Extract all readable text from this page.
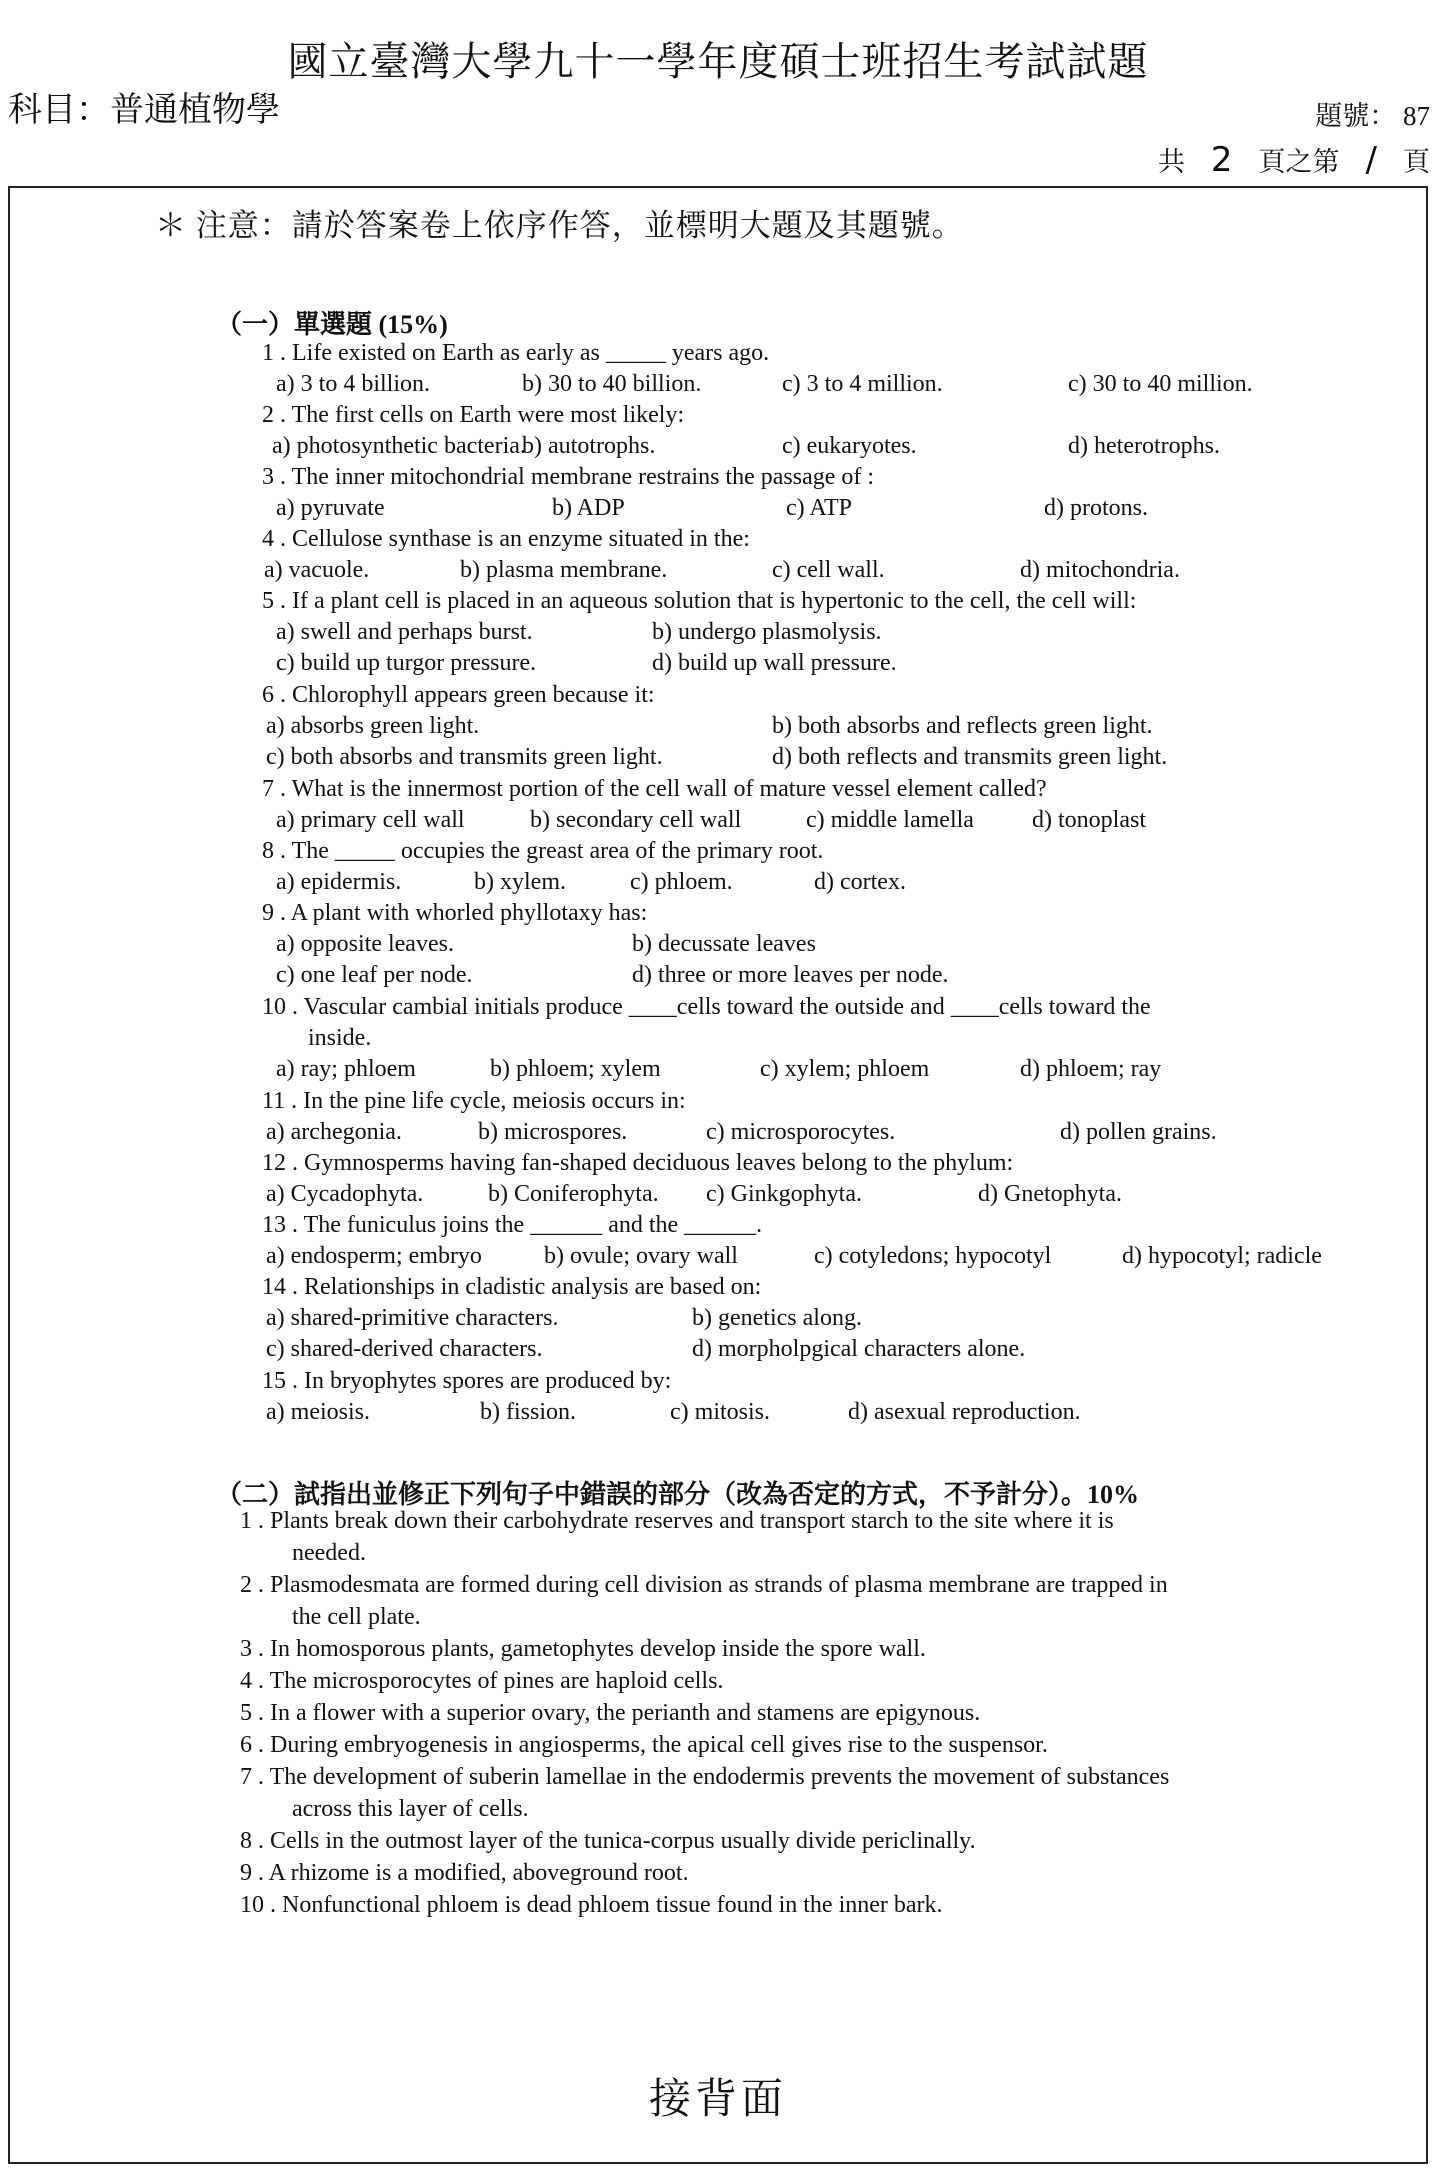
國立臺灣大學九十一學年度碩士班招生考試試題
科目：普通植物學	題號： 87
共 2 頁之第 / 頁
＊ 注意：請於答案卷上依序作答，並標明大題及其題號。
（一）單選題 (15%)
1 . Life existed on Earth as early as _____ years ago.
a) 3 to 4 billion.	b) 30 to 40 billion.	c) 3 to 4 million.	c) 30 to 40 million.
2 . The first cells on Earth were most likely:
a) photosynthetic bacteria.
b) autotrophs.	c) eukaryotes.	d) heterotrophs.
3 . The inner mitochondrial membrane restrains the passage of :
a) pyruvate	b) ADP	c) ATP	d) protons.
4 . Cellulose synthase is an enzyme situated in the:
a) vacuole.	b) plasma membrane.	c) cell wall.	d) mitochondria.
5 . If a plant cell is placed in an aqueous solution that is hypertonic to the cell, the cell will:
a) swell and perhaps burst.	b) undergo plasmolysis.
c) build up turgor pressure.	d) build up wall pressure.
6 . Chlorophyll appears green because it:
a) absorbs green light.	b) both absorbs and reflects green light.
c) both absorbs and transmits green light.	d) both reflects and transmits green light.
7 . What is the innermost portion of the cell wall of mature vessel element called?
a) primary cell wall	b) secondary cell wall	c) middle lamella d) tonoplast
8 . The _____ occupies the greast area of the primary root.
a) epidermis.	b) xylem.	c) phloem.	d) cortex.
9 . A plant with whorled phyllotaxy has:
a) opposite leaves.	b) decussate leaves
c) one leaf per node.	d) three or more leaves per node.
10 . Vascular cambial initials produce ____cells toward the outside and ____cells toward the
inside.
a) ray; phloem	b) phloem; xylem	c) xylem; phloem	d) phloem; ray
11 . In the pine life cycle, meiosis occurs in:
a) archegonia.	b) microspores.	c) microsporocytes.	d) pollen grains.
12 . Gymnosperms having fan-shaped deciduous leaves belong to the phylum:
a) Cycadophyta.	b) Coniferophyta. c) Ginkgophyta.	d) Gnetophyta.
13 . The funiculus joins the ______ and the ______.
a) endosperm; embryo	b) ovule; ovary wall	c) cotyledons; hypocotyl	d) hypocotyl; radicle
14 . Relationships in cladistic analysis are based on:
a) shared-primitive characters.	b) genetics along.
c) shared-derived characters.	d) morpholpgical characters alone.
15 . In bryophytes spores are produced by:
a) meiosis.	b) fission.	c) mitosis.	d) asexual reproduction.
（二）試指出並修正下列句子中錯誤的部分（改為否定的方式，不予計分）。10%
1 . Plants break down their carbohydrate reserves and transport starch to the site where it is
needed.
2 . Plasmodesmata are formed during cell division as strands of plasma membrane are trapped in
the cell plate.
3 . In homosporous plants, gametophytes develop inside the spore wall.
4 . The microsporocytes of pines are haploid cells.
5 . In a flower with a superior ovary, the perianth and stamens are epigynous.
6 . During embryogenesis in angiosperms, the apical cell gives rise to the suspensor.
7 . The development of suberin lamellae in the endodermis prevents the movement of substances
across this layer of cells.
8 . Cells in the outmost layer of the tunica-corpus usually divide periclinally.
9 . A rhizome is a modified, aboveground root.
10 . Nonfunctional phloem is dead phloem tissue found in the inner bark.
接背面
